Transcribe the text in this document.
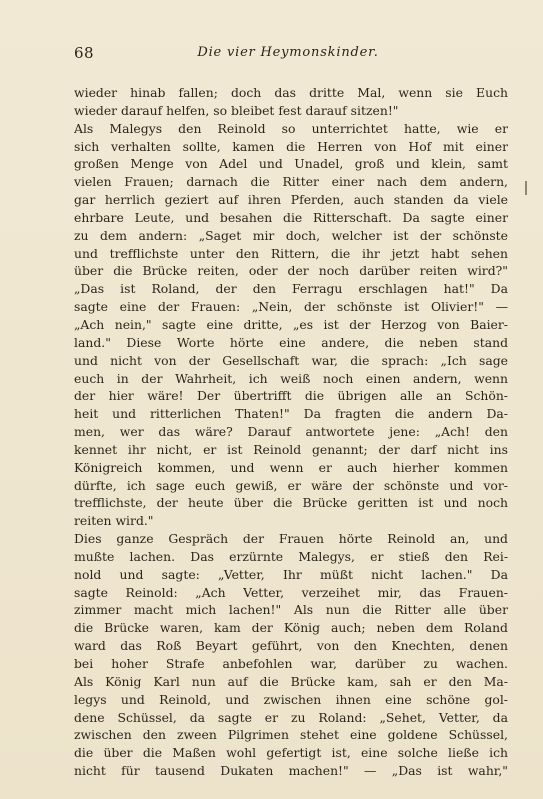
68	Die vier Heymonskinder.
wieder hinab fallen; doch das dritte Mal, wenn sie Euch
wieder darauf helfen, so bleibet fest darauf sitzen!"
Als Malegys den Reinold so unterrichtet hatte, wie er
sich verhalten sollte, kamen die Herren von Hof mit einer
großen Menge von Adel und Unadel, groß und klein, samt
vielen Frauen; darnach die Ritter einer nach dem andern,
gar herrlich geziert auf ihren Pferden, auch standen da viele
ehrbare Leute, und besahen die Ritterschaft. Da sagte einer
zu dem andern: „Saget mir doch, welcher ist der schönste
und trefflichste unter den Rittern, die ihr jetzt habt sehen
über die Brücke reiten, oder der noch darüber reiten wird?"
„Das ist Roland, der den Ferragu erschlagen hat!" Da
sagte eine der Frauen: „Nein, der schönste ist Olivier!" —
„Ach nein," sagte eine dritte, „es ist der Herzog von Baier-
land." Diese Worte hörte eine andere, die neben stand
und nicht von der Gesellschaft war, die sprach: „Ich sage
euch in der Wahrheit, ich weiß noch einen andern, wenn
der hier wäre! Der übertrifft die übrigen alle an Schön-
heit und ritterlichen Thaten!" Da fragten die andern Da-
men, wer das wäre? Darauf antwortete jene: „Ach! den
kennet ihr nicht, er ist Reinold genannt; der darf nicht ins
Königreich kommen, und wenn er auch hierher kommen
dürfte, ich sage euch gewiß, er wäre der schönste und vor-
trefflichste, der heute über die Brücke geritten ist und noch
reiten wird."
Dies ganze Gespräch der Frauen hörte Reinold an, und
mußte lachen. Das erzürnte Malegys, er stieß den Rei-
nold und sagte: „Vetter, Ihr müßt nicht lachen." Da
sagte Reinold: „Ach Vetter, verzeihet mir, das Frauen-
zimmer macht mich lachen!" Als nun die Ritter alle über
die Brücke waren, kam der König auch; neben dem Roland
ward das Roß Beyart geführt, von den Knechten, denen
bei hoher Strafe anbefohlen war, darüber zu wachen.
Als König Karl nun auf die Brücke kam, sah er den Ma-
legys und Reinold, und zwischen ihnen eine schöne gol-
dene Schüssel, da sagte er zu Roland: „Sehet, Vetter, da
zwischen den zween Pilgrimen stehet eine goldene Schüssel,
die über die Maßen wohl gefertigt ist, eine solche ließe ich
nicht für tausend Dukaten machen!" — „Das ist wahr,"
